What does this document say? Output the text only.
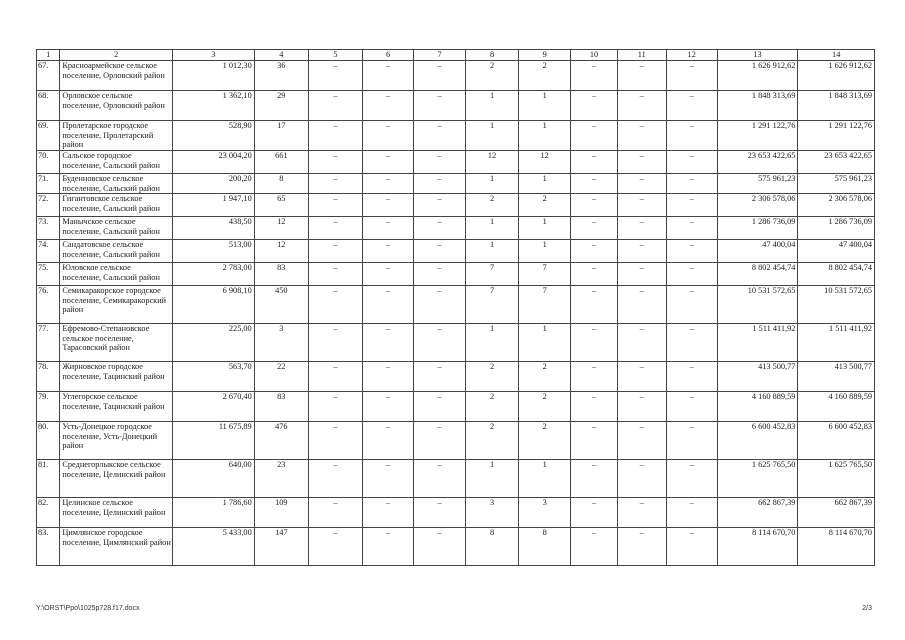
1	2	3	4	5	6	7	8	9	10	11	12	13	14
67.	Красноармейское сельское поселение, Орловский район	1 012,30	36	–	–	–	2	2	–	–	–	1 626 912,62	1 626 912,62
68.	Орловское сельское поселение, Орловский район	1 362,10	29	–	–	–	1	1	–	–	–	1 848 313,69	1 848 313,69
69.	Пролетарское городское поселение, Пролетарский район	528,90	17	–	–	–	1	1	–	–	–	1 291 122,76	1 291 122,76
70.	Сальское городское поселение, Сальский район	23 004,20	661	–	–	–	12	12	–	–	–	23 653 422,65	23 653 422,65
71.	Буденновское сельское поселение, Сальский район	200,20	8	–	–	–	1	1	–	–	–	575 961,23	575 961,23
72.	Гигантовское сельское поселение, Сальский район	1 947,10	65	–	–	–	2	2	–	–	–	2 306 578,06	2 306 578,06
73.	Манычское сельское поселение, Сальский район	438,50	12	–	–	–	1	1	–	–	–	1 286 736,09	1 286 736,09
74.	Сандатовское сельское поселение, Сальский район	513,00	12	–	–	–	1	1	–	–	–	47 400,04	47 400,04
75.	Юловское сельское поселение, Сальский район	2 783,00	83	–	–	–	7	7	–	–	–	8 802 454,74	8 802 454,74
76.	Семикаракорское городское поселение, Семикаракорский район	6 908,10	450	–	–	–	7	7	–	–	–	10 531 572,65	10 531 572,65
77.	Ефремово-Степановское сельское поселение, Тарасовский район	225,00	3	–	–	–	1	1	–	–	–	1 511 411,92	1 511 411,92
78.	Жирновское городское поселение, Тацинский район	563,70	22	–	–	–	2	2	–	–	–	413 500,77	413 500,77
79.	Углегорское сельское поселение, Тацинский район	2 670,40	83	–	–	–	2	2	–	–	–	4 160 889,59	4 160 889,59
80.	Усть-Донецкое городское поселение, Усть-Донецкий район	11 675,89	476	–	–	–	2	2	–	–	–	6 600 452,83	6 600 452,83
81.	Среднегорлыкское сельское поселение, Целинский район	640,00	23	–	–	–	1	1	–	–	–	1 625 765,50	1 625 765,50
82.	Целинское сельское поселение, Целинский район	1 786,60	109	–	–	–	3	3	–	–	–	662 867,39	662 867,39
83.	Цимлянское городское поселение, Цимлянский район	5 433,00	147	–	–	–	8	8	–	–	–	8 114 670,70	8 114 670,70
Y:\ORST\Ppo\1025p728.f17.docx	2/3
